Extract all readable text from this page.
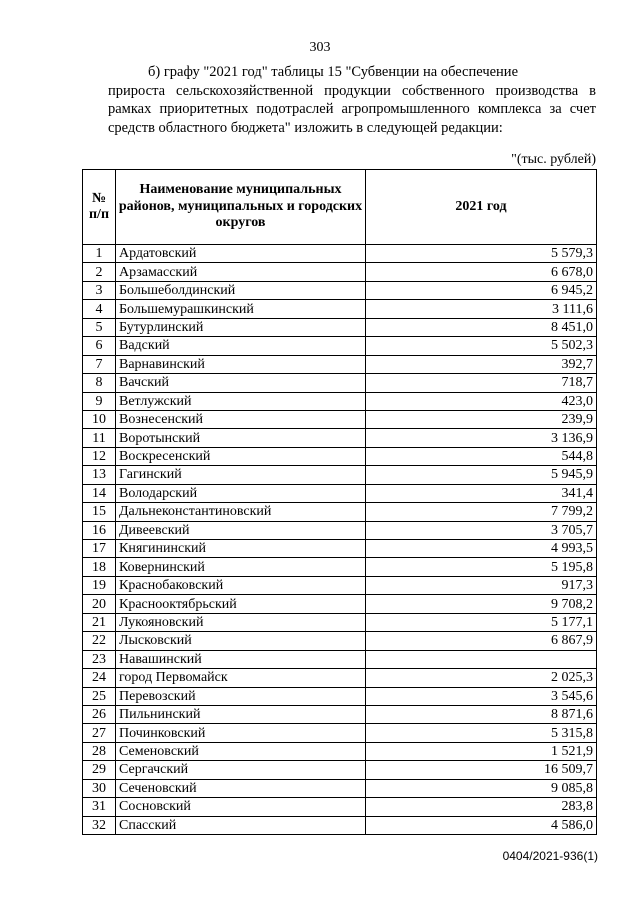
303
б) графу "2021 год" таблицы 15 "Субвенции на обеспечение
прироста сельскохозяйственной продукции собственного производства в рамках приоритетных подотраслей агропромышленного комплекса за счет средств областного бюджета" изложить в следующей редакции:
"(тыс. рублей)
№ п/п	Наименование муниципальных районов, муниципальных и городских округов	2021 год
1	Ардатовский	5 579,3
2	Арзамасский	6 678,0
3	Большеболдинский	6 945,2
4	Большемурашкинский	3 111,6
5	Бутурлинский	8 451,0
6	Вадский	5 502,3
7	Варнавинский	392,7
8	Вачский	718,7
9	Ветлужский	423,0
10	Вознесенский	239,9
11	Воротынский	3 136,9
12	Воскресенский	544,8
13	Гагинский	5 945,9
14	Володарский	341,4
15	Дальнеконстантиновский	7 799,2
16	Дивеевский	3 705,7
17	Княгининский	4 993,5
18	Ковернинский	5 195,8
19	Краснобаковский	917,3
20	Краснооктябрьский	9 708,2
21	Лукояновский	5 177,1
22	Лысковский	6 867,9
23	Навашинский	
24	город Первомайск	2 025,3
25	Перевозский	3 545,6
26	Пильнинский	8 871,6
27	Починковский	5 315,8
28	Семеновский	1 521,9
29	Сергачский	16 509,7
30	Сеченовский	9 085,8
31	Сосновский	283,8
32	Спасский	4 586,0
0404/2021-936(1)
